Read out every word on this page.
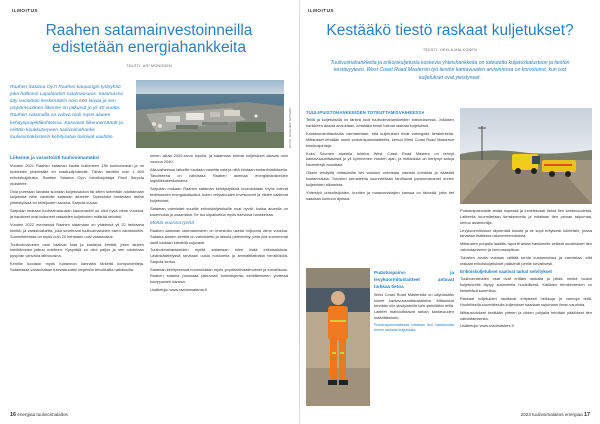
ILMOITUS
Raahen satamainvestoinneilla edistetään energiahankkeita
TEKSTI: ARI MONONEN
Raahen Satama Oy:n Raahen kaupungin tytäryhtiö joka hallinnoi Lapaluodon satamaosuus. Satamassa käy vuosittain keskimäärin noin 600 laivaa ja sen ympärivuotinen liikenne on jatkunut jo yli 40 vuotta. Raahen satamalla on vahva rooli myös alueen kehitysprojektikohteissa. Kasvavat liikennemäärät ja erittäin koukkutarpeen tuulivoimahanke tuulivoimaklusterin kehitysalue toimivat vauhtiin.	KUVA: RAAHEN SATAMA
Liikenne ja varastointi tuulivoimamäksi

Vuoden 2021 Raahen sataman kautta kulkeneen 136 tuulivoimalan ja ne tuotteiden yhdeksälle eri maatuulipuistolle. Tähän tarvittiin noin 1 800 erikoiskuljetusta, Raahen Satama Oy:n toimitusjohtaja Pauli Sarpola muistelee.

Osia puretaan laivasta suoraan kuljetusauton tai sitten siirretään odottamaan kuljetusta niille varatulle sataman alueelle. Operaatiot hoidetaan tiiviisti yhteistyössä eri toimijoiden kanssa, Sarpola kuvaa.

Sarpolan mukaan tuulivoimala-alan kasvuvauhti on ollut hyvä viime vuosina, ja hankkeet ovat lisänneet raskaiden kuljetusten määrää selvästi.

Vuoden 2022 mennessä Raahen satamaan on yhteensä yli 22 hehtaaria kenttä- ja varastoaluetta, joka soveltuvat tuulivoimaloiden osien varastointiin. Suunnitelmissa on myös noin 20 hehtaarin uusi varastoalue.

Tuulivoimaloiden osat vaativat tilaa ja kantavia kenttiä, joten alueen kehittäminen jatkuu edelleen. Kysyntää on ollut paljon ja sen odotetaan pysyvän vahvana lähivuosina.

Kentille tuodaan myös tuotannon kannalta tärkeitä komponentteja. Satamassa varaudutaan tulevaisuuden tarpeisiin tehokkailla ratkaisuilla.

minen alkaa 2020-luvun lopulla, ja satamaan tulevat kuljetukset alkavat noin vuonna 2040.

Alkuvaiheessa laiturille tuodaan valmiita osia ja niitä kootaan tuotantolaitoksella. Tavoitteena on vahvistaa Raahen asemaa energiahankkeiden logistiikkakeskuksena.

Sarpolan mukaan Raahen sataman kehitystyössä huomioidaan myös tulevat teollisuuden energiaratkaisut, kuten vetytalouden investoinnit ja niiden vaatimat kuljetukset.

Sataman valmiudet suurille erikoiskuljetuksille ovat hyvät, koska alueella on kokemusta ja osaamista. Se tuo kilpailuetua myös tulevissa hankkeissa.

Monta vuosisa työnä

Raahen sataman rakentamiseen on investoitu useita miljoonia viime vuosina. Satama-alueen kenttiä on vahvistettu ja laituria pidennetty, jotta yhä suuremmat lastit voidaan käsitellä sujuvasti.

Tuulivoimahankkeiden myötä satamaan tulee lisää erikoisaluksia. Lastinkäsittelyssä tarvitaan uusia nostureita ja ammattitaitoista henkilöstöä, Sarpola kertoo.

Sataman kehityksessä huomioidaan myös ympäristövaatimukset ja turvallisuus. Raahen satama panostaa jatkuvasti toimintojensa kehittämiseen yhdessä kumppanien kanssa.

Lisätietoja: www.raahensatama.fi

16 energiaa tuulivoimalaitos
ILMOITUS
Kestääkö tiestö raskaat kuljetukset?
TEKSTI: HEKLA MALKONEN
Tuulivoimahankkeita ja erikoiskuljetusta koskevia yhteishankkeita on toteutettu kuljetuskalustoon ja tiestön kestävyyteen. West Coast Road Mastersin työ tiestön kantavuuden arvioinnissa on korostunut, kun isot kuljetukset ovat yleistyneet.
TUULIPUISTOHANKKEIDEN TOTEUTTAMISVAIHEESSA

Teillä ja kuljetuksilla on tärkeä rooli tuulivoimahankkeiden toteutuksessa. Jokaisen hankkeen alussa arvioidaan, kestääkö tiestö tulevat raskaat kuljetukset.

Kantavuusmittauksilla varmistetaan, että kuljetukset eivät vahingoita tierakenteita. Mittaukset tehdään usein pudotuspainolaitteella, kertoo West Coast Road Mastersin toimitusjohtaja.

Koko Suomen alueella toimiva West Coast Road Masters on tehnyt kantavuusmittauksia jo yli kymmenen vuoden ajan, ja mittauksia on kertynyt satoja kilometrejä vuosittain.

Oikein tehdyillä mittauksilla tiet voidaan vahvistaa oikeista kohdista ja säästää kustannuksia. Tulosten perusteella suunnitellaan tarvittavat parannustoimet ennen kuljetusten alkamista.

Yhteistyö urakoitsijoiden, kuntien ja maanomistajien kanssa on tärkeää, jotta tiet saadaan kuntoon ajoissa.

Pudotuspaino- ja levykuormituslaitteet antavat tarkkaa tietoa

West Coast Road Mastersilla on käytössään kolme kantavuusmittauslaitetta. Mittauksia tehdään niin yksityisteillä kuin yleisilläkin teillä. Laitteet mahdollistavat tarkan kantavuuden määrittämisen.

Pudotuspainolaitteella mitataan tien kantavuutta ennen raskaita kuljetuksia.

Pudotuspainolaite antaa nopeasti ja luotettavasti tietoa tien kantavuudesta. Laitteella kuormitetaan tierakennetta ja mitataan tien pinnan taipumaa, kertoo asiantuntija.

Levykuormituskoe täydentää tulosta ja se sopii erityisesti kohteisiin, joissa tarvitaan lisätietoa rakennekerroksista.

Mittausten pohjalta laadittu raportti antaa hankkeelle selkeät suositukset tien vahvistamiseen ja kunnossapitoon.

Tulosten avulla voidaan välttää turhia kustannuksia ja varmistaa, että raskaat erikoiskuljetukset pääsevät perille turvallisesti.

Erikoiskuljetukset vaativat tarkat selvitykset

Tuulivoimaloiden osat ovat erittäin raskaita ja pitkiä, minkä vuoksi kuljetusreitit täytyy suunnitella huolellisesti. Kaikkien tierakenteiden on kestettävä kuormitus.

Raskaat kuljetukset rasittavat erityisesti heikkoja ja vanhoja teitä. Huolellisella suunnittelulla kuljetukset saadaan sujumaan ilman vaurioita.

Mittaustulokset kerätään yhteen ja niiden pohjalta tehdään päätökset tien vahvistamisesta.

Lisätietoja: www.roadmasters.fi

2023 tuulivoimalaitos energiaa 17
